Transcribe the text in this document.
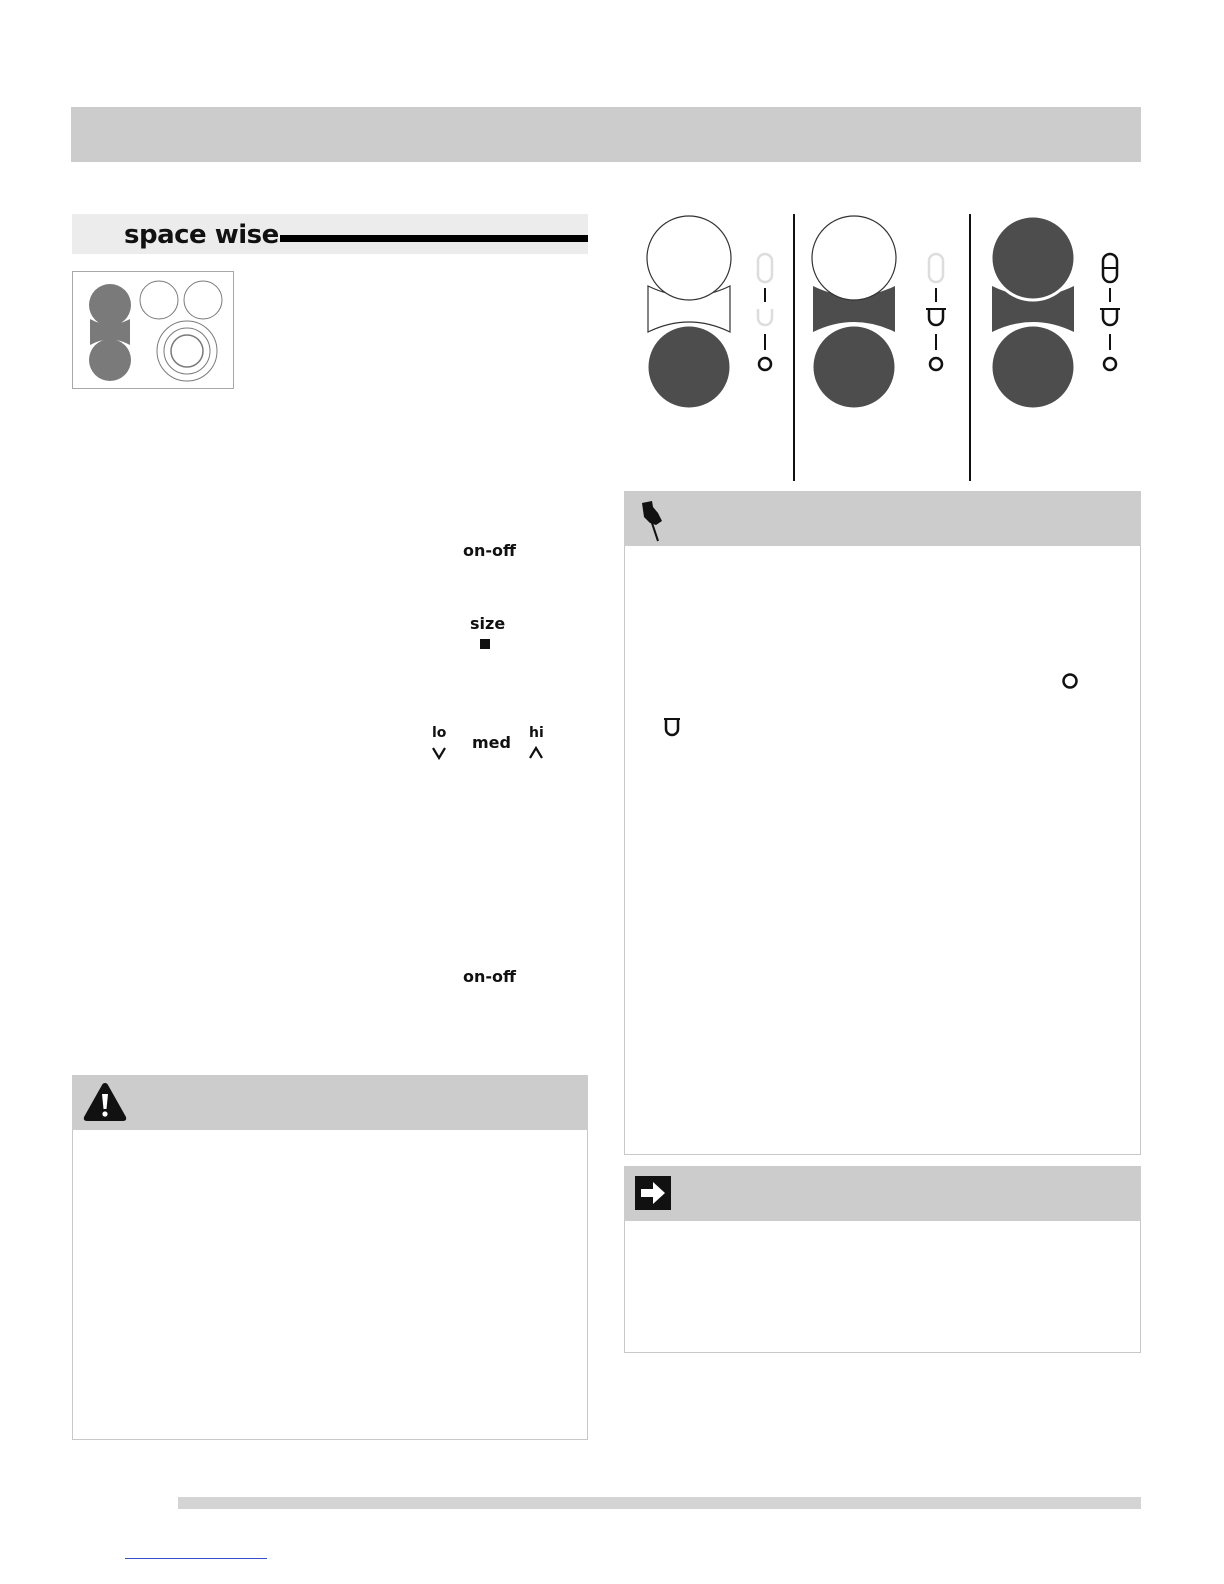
space wise
on-off
size
lo med hi
on-off
